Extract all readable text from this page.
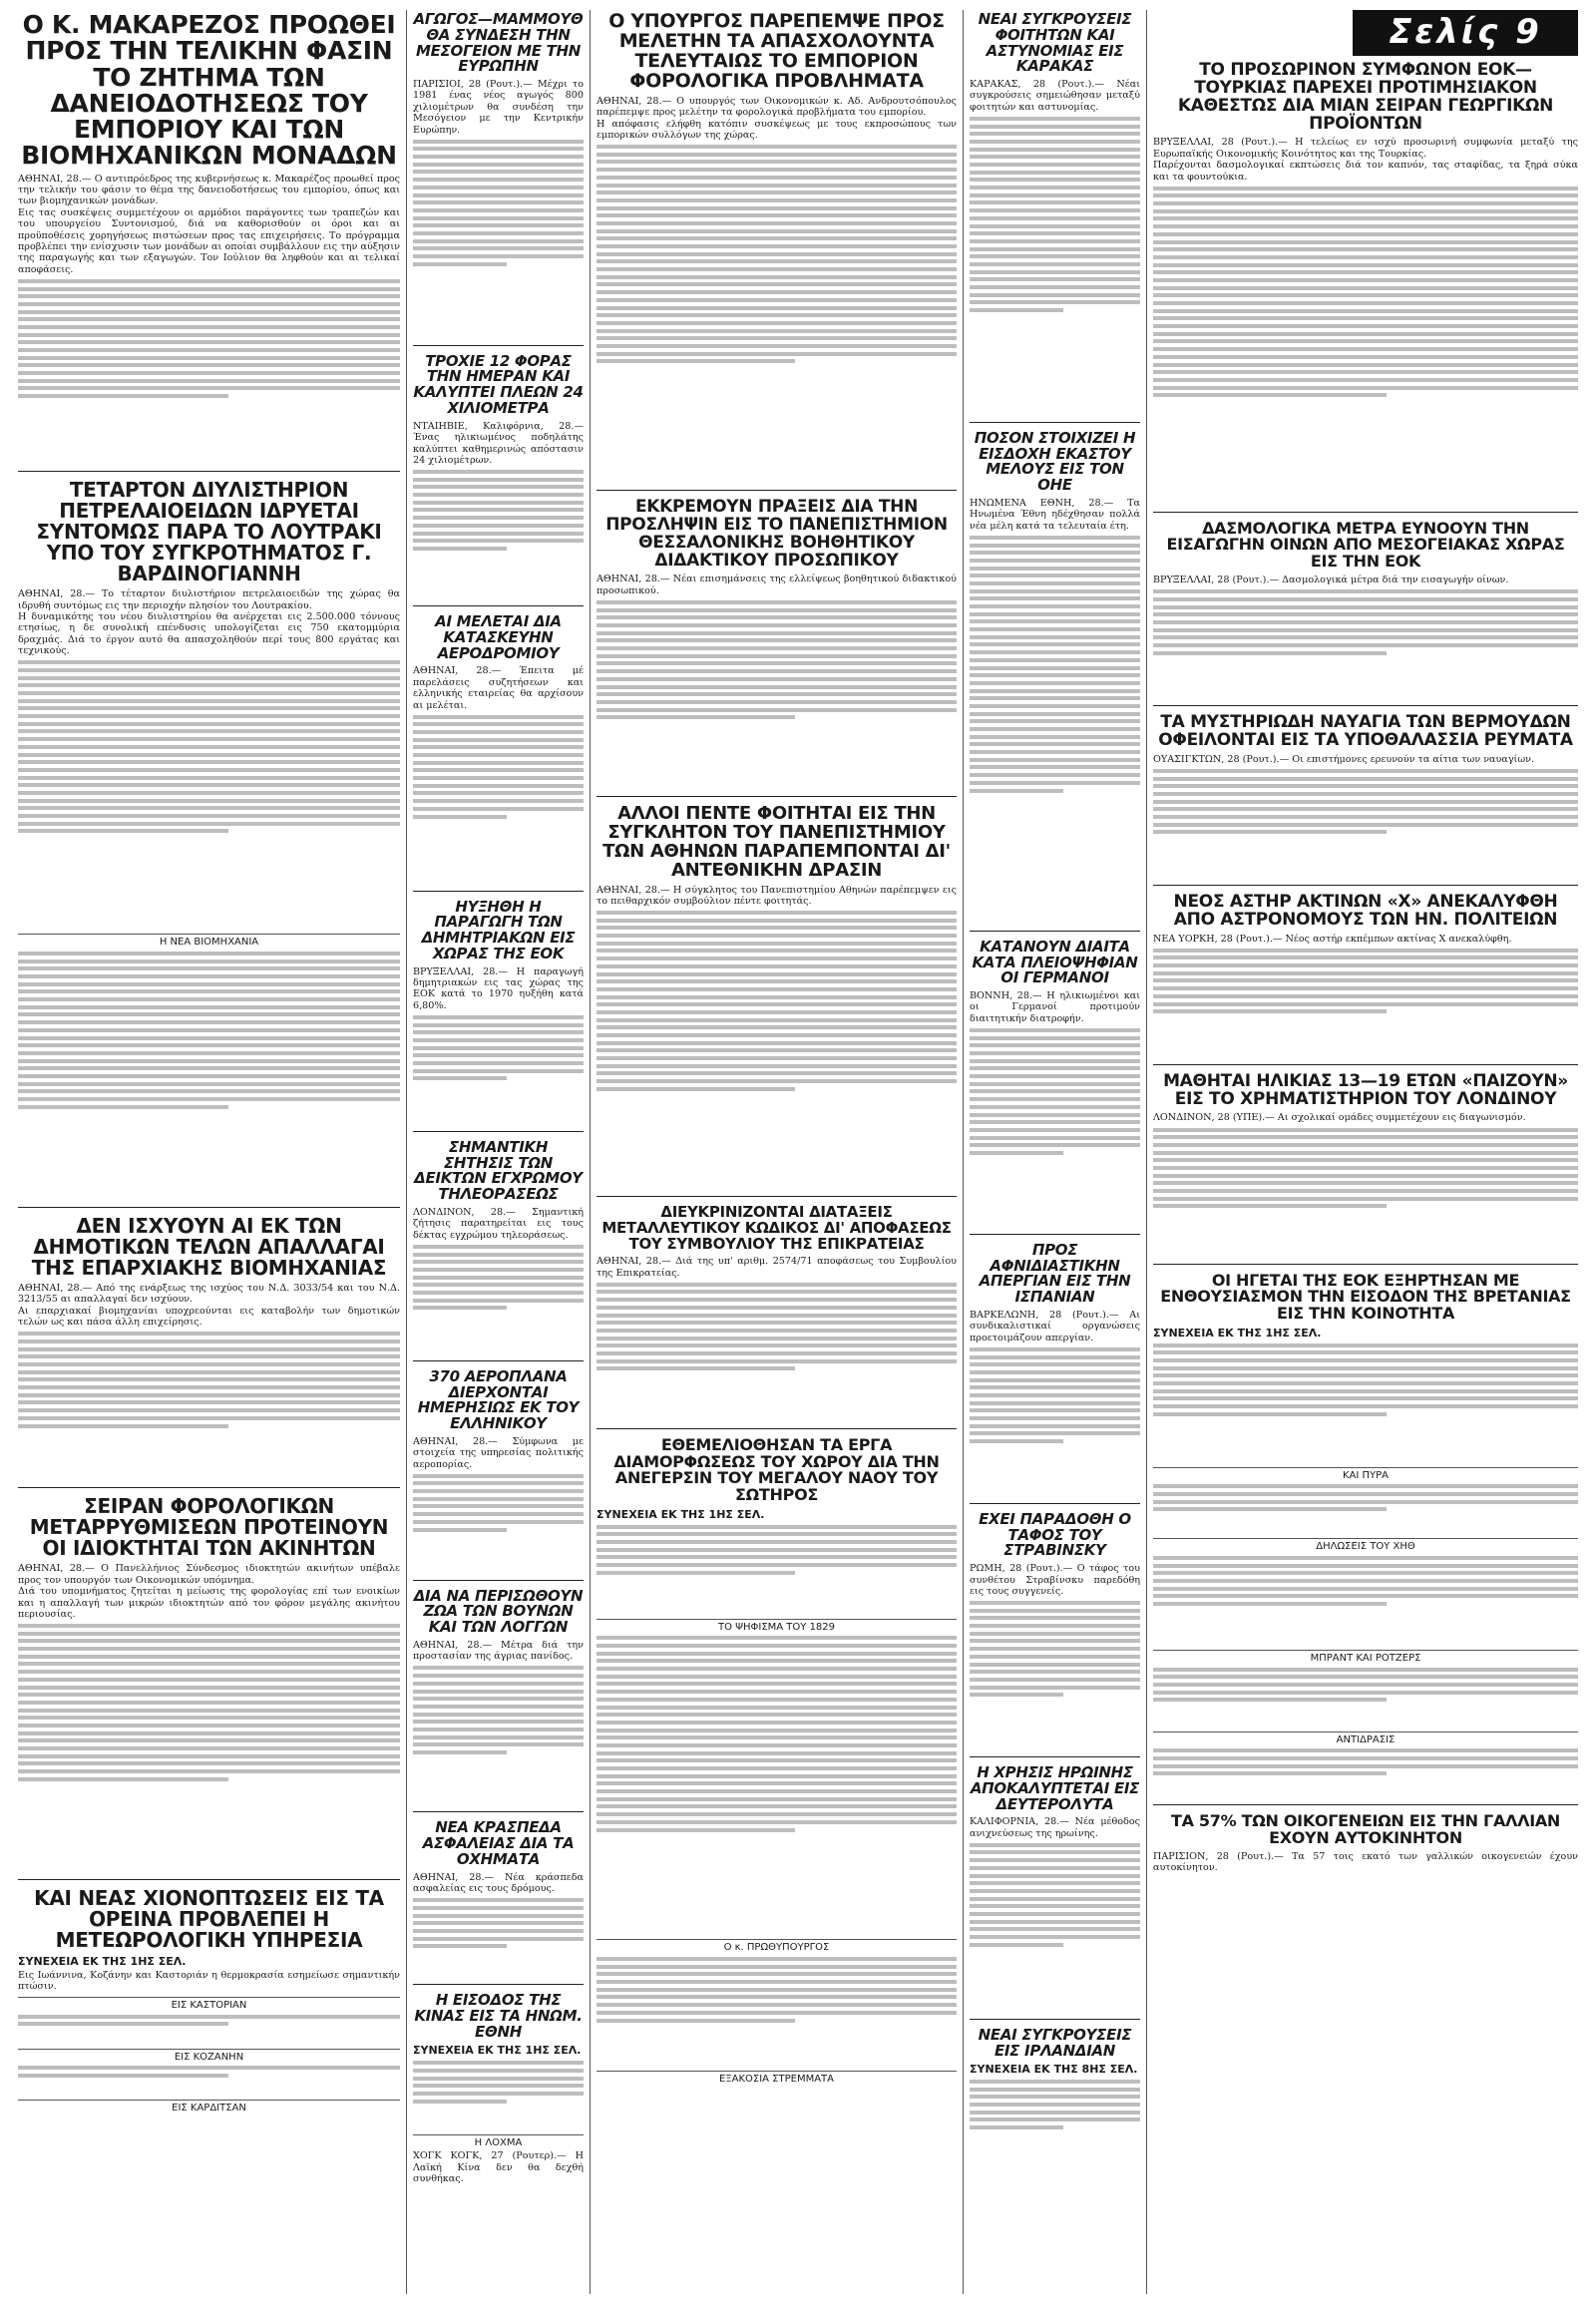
Ο Κ. ΜΑΚΑΡΕΖΟΣ ΠΡΟΩΘΕΙ ΠΡΟΣ ΤΗΝ ΤΕΛΙΚΗΝ ΦΑΣΙΝ ΤΟ ΖΗΤΗΜΑ ΤΩΝ ΔΑΝΕΙΟΔΟΤΗΣΕΩΣ ΤΟΥ ΕΜΠΟΡΙΟΥ ΚΑΙ ΤΩΝ ΒΙΟΜΗΧΑΝΙΚΩΝ ΜΟΝΑΔΩΝ

ΑΘΗΝΑΙ, 28.— Ο αντιπρόεδρος της κυβερνήσεως κ. Μακαρέζος προωθεί προς την τελικήν του φάσιν το θέμα της δανειοδοτήσεως του εμπορίου, όπως και των βιομηχανικών μονάδων.

Εις τας συσκέψεις συμμετέχουν οι αρμόδιοι παράγοντες των τραπεζών και του υπουργείου Συντονισμού, διά να καθορισθούν οι όροι και αι προϋποθέσεις χορηγήσεως πιστώσεων προς τας επιχειρήσεις. Το πρόγραμμα προβλέπει την ενίσχυσιν των μονάδων αι οποίαι συμβάλλουν εις την αύξησιν της παραγωγής και των εξαγωγών. Τον Ιούλιον θα ληφθούν και αι τελικαί αποφάσεις.

ΤΕΤΑΡΤΟΝ ΔΙΥΛΙΣΤΗΡΙΟΝ ΠΕΤΡΕΛΑΙΟΕΙΔΩΝ ΙΔΡΥΕΤΑΙ ΣΥΝΤΟΜΩΣ ΠΑΡΑ ΤΟ ΛΟΥΤΡΑΚΙ ΥΠΟ ΤΟΥ ΣΥΓΚΡΟΤΗΜΑΤΟΣ Γ. ΒΑΡΔΙΝΟΓΙΑΝΝΗ

ΑΘΗΝΑΙ, 28.— Το τέταρτον διυλιστήριον πετρελαιοειδών της χώρας θα ιδρυθή συντόμως εις την περιοχήν πλησίον του Λουτρακίου.

Η δυναμικότης του νέου διυλιστηρίου θα ανέρχεται εις 2.500.000 τόννους ετησίως, η δε συνολική επένδυσις υπολογίζεται εις 750 εκατομμύρια δραχμάς. Διά το έργον αυτό θα απασχοληθούν περί τους 800 εργάτας και τεχνικούς.

Η ΝΕΑ ΒΙΟΜΗΧΑΝΙΑ
ΔΕΝ ΙΣΧΥΟΥΝ ΑΙ ΕΚ ΤΩΝ ΔΗΜΟΤΙΚΩΝ ΤΕΛΩΝ ΑΠΑΛΛΑΓΑΙ ΤΗΣ ΕΠΑΡΧΙΑΚΗΣ ΒΙΟΜΗΧΑΝΙΑΣ

ΑΘΗΝΑΙ, 28.— Από της ενάρξεως της ισχύος του Ν.Δ. 3033/54 και του Ν.Δ. 3213/55 αι απαλλαγαί δεν ισχύουν.

Αι επαρχιακαί βιομηχανίαι υποχρεούνται εις καταβολήν των δημοτικών τελών ως και πάσα άλλη επιχείρησις.

ΣΕΙΡΑΝ ΦΟΡΟΛΟΓΙΚΩΝ ΜΕΤΑΡΡΥΘΜΙΣΕΩΝ ΠΡΟΤΕΙΝΟΥΝ ΟΙ ΙΔΙΟΚΤΗΤΑΙ ΤΩΝ ΑΚΙΝΗΤΩΝ

ΑΘΗΝΑΙ, 28.— Ο Πανελλήνιος Σύνδεσμος ιδιοκτητών ακινήτων υπέβαλε προς τον υπουργόν των Οικονομικών υπόμνημα.

Διά του υπομνήματος ζητείται η μείωσις της φορολογίας επί των ενοικίων και η απαλλαγή των μικρών ιδιοκτητών από τον φόρον μεγάλης ακινήτου περιουσίας.

ΚΑΙ ΝΕΑΣ ΧΙΟΝΟΠΤΩΣΕΙΣ ΕΙΣ ΤΑ ΟΡΕΙΝΑ ΠΡΟΒΛΕΠΕΙ Η ΜΕΤΕΩΡΟΛΟΓΙΚΗ ΥΠΗΡΕΣΙΑ
ΣΥΝΕΧΕΙΑ ΕΚ ΤΗΣ 1ΗΣ ΣΕΛ.

Εις Ιωάννινα, Κοζάνην και Καστοριάν η θερμοκρασία εσημείωσε σημαντικήν πτώσιν.

ΕΙΣ ΚΑΣΤΟΡΙΑΝ
ΕΙΣ ΚΟΖΑΝΗΝ
ΕΙΣ ΚΑΡΔΙΤΣΑΝ
ΑΓΩΓΟΣ—ΜΑΜΜΟΥΘ ΘΑ ΣΥΝΔΕΣΗ ΤΗΝ ΜΕΣΟΓΕΙΟΝ ΜΕ ΤΗΝ ΕΥΡΩΠΗΝ

ΠΑΡΙΣΙΟΙ, 28 (Ρουτ.).— Μέχρι το 1981 ένας νέος αγωγός 800 χιλιομέτρων θα συνδέση την Μεσόγειον με την Κεντρικήν Ευρώπην.

ΤΡΟΧΙΕ 12 ΦΟΡΑΣ ΤΗΝ ΗΜΕΡΑΝ ΚΑΙ ΚΑΛΥΠΤΕΙ ΠΛΕΩΝ 24 ΧΙΛΙΟΜΕΤΡΑ

ΝΤΑΙΗΒΙΕ, Καλιφόρνια, 28.— Ένας ηλικιωμένος ποδηλάτης καλύπτει καθημερινώς απόστασιν 24 χιλιομέτρων.

ΑΙ ΜΕΛΕΤΑΙ ΔΙΑ ΚΑΤΑΣΚΕΥΗΝ ΑΕΡΟΔΡΟΜΙΟΥ

ΑΘΗΝΑΙ, 28.— Έπειτα μέ παρελάσεις συζητήσεων και ελληνικής εταιρείας θα αρχίσουν αι μελέται.

ΗΥΞΗΘΗ Η ΠΑΡΑΓΩΓΗ ΤΩΝ ΔΗΜΗΤΡΙΑΚΩΝ ΕΙΣ ΧΩΡΑΣ ΤΗΣ ΕΟΚ

ΒΡΥΞΕΛΛΑΙ, 28.— Η παραγωγή δημητριακών εις τας χώρας της ΕΟΚ κατά το 1970 ηυξήθη κατά 6,80%.

ΣΗΜΑΝΤΙΚΗ ΣΗΤΗΣΙΣ ΤΩΝ ΔΕΙΚΤΩΝ ΕΓΧΡΩΜΟΥ ΤΗΛΕΟΡΑΣΕΩΣ

ΛΟΝΔΙΝΟΝ, 28.— Σημαντική ζήτησις παρατηρείται εις τους δέκτας εγχρώμου τηλεοράσεως.

370 ΑΕΡΟΠΛΑΝΑ ΔΙΕΡΧΟΝΤΑΙ ΗΜΕΡΗΣΙΩΣ ΕΚ ΤΟΥ ΕΛΛΗΝΙΚΟΥ

ΑΘΗΝΑΙ, 28.— Σύμφωνα με στοιχεία της υπηρεσίας πολιτικής αεροπορίας.

ΔΙΑ ΝΑ ΠΕΡΙΣΩΘΟΥΝ ΖΩΑ ΤΩΝ ΒΟΥΝΩΝ ΚΑΙ ΤΩΝ ΛΟΓΓΩΝ

ΑΘΗΝΑΙ, 28.— Μέτρα διά την προστασίαν της άγριας πανίδος.

ΝΕΑ ΚΡΑΣΠΕΔΑ ΑΣΦΑΛΕΙΑΣ ΔΙΑ ΤΑ ΟΧΗΜΑΤΑ

ΑΘΗΝΑΙ, 28.— Νέα κράσπεδα ασφαλείας εις τους δρόμους.

Η ΕΙΣΟΔΟΣ ΤΗΣ ΚΙΝΑΣ ΕΙΣ ΤΑ ΗΝΩΜ. ΕΘΝΗ
ΣΥΝΕΧΕΙΑ ΕΚ ΤΗΣ 1ΗΣ ΣΕΛ.
Η ΛΟΧΜΑ

ΧΟΓΚ ΚΟΓΚ, 27 (Ρουτερ).— Η Λαϊκή Κίνα δεν θα δεχθή συνθήκας.

Ο ΥΠΟΥΡΓΟΣ ΠΑΡΕΠΕΜΨΕ ΠΡΟΣ ΜΕΛΕΤΗΝ ΤΑ ΑΠΑΣΧΟΛΟΥΝΤΑ ΤΕΛΕΥΤΑΙΩΣ ΤΟ ΕΜΠΟΡΙΟΝ ΦΟΡΟΛΟΓΙΚΑ ΠΡΟΒΛΗΜΑΤΑ

ΑΘΗΝΑΙ, 28.— Ο υπουργός των Οικονομικών κ. Αδ. Ανδρουτσόπουλος παρέπεμψε προς μελέτην τα φορολογικά προβλήματα του εμπορίου.

Η απόφασις ελήφθη κατόπιν συσκέψεως με τους εκπροσώπους των εμπορικών συλλόγων της χώρας.

ΕΚΚΡΕΜΟΥΝ ΠΡΑΞΕΙΣ ΔΙΑ ΤΗΝ ΠΡΟΣΛΗΨΙΝ ΕΙΣ ΤΟ ΠΑΝΕΠΙΣΤΗΜΙΟΝ ΘΕΣΣΑΛΟΝΙΚΗΣ ΒΟΗΘΗΤΙΚΟΥ ΔΙΔΑΚΤΙΚΟΥ ΠΡΟΣΩΠΙΚΟΥ

ΑΘΗΝΑΙ, 28.— Νέαι επισημάνσεις της ελλείψεως βοηθητικού διδακτικού προσωπικού.

ΑΛΛΟΙ ΠΕΝΤΕ ΦΟΙΤΗΤΑΙ ΕΙΣ ΤΗΝ ΣΥΓΚΛΗΤΟΝ ΤΟΥ ΠΑΝΕΠΙΣΤΗΜΙΟΥ ΤΩΝ ΑΘΗΝΩΝ ΠΑΡΑΠΕΜΠΟΝΤΑΙ ΔΙ' ΑΝΤΕΘΝΙΚΗΝ ΔΡΑΣΙΝ

ΑΘΗΝΑΙ, 28.— Η σύγκλητος του Πανεπιστημίου Αθηνών παρέπεμψεν εις το πειθαρχικόν συμβούλιον πέντε φοιτητάς.

ΔΙΕΥΚΡΙΝΙΖΟΝΤΑΙ ΔΙΑΤΑΞΕΙΣ ΜΕΤΑΛΛΕΥΤΙΚΟΥ ΚΩΔΙΚΟΣ ΔΙ' ΑΠΟΦΑΣΕΩΣ ΤΟΥ ΣΥΜΒΟΥΛΙΟΥ ΤΗΣ ΕΠΙΚΡΑΤΕΙΑΣ

ΑΘΗΝΑΙ, 28.— Διά της υπ' αριθμ. 2574/71 αποφάσεως του Συμβουλίου της Επικρατείας.

ΕΘΕΜΕΛΙΟΘΗΣΑΝ ΤΑ ΕΡΓΑ ΔΙΑΜΟΡΦΩΣΕΩΣ ΤΟΥ ΧΩΡΟΥ ΔΙΑ ΤΗΝ ΑΝΕΓΕΡΣΙΝ ΤΟΥ ΜΕΓΑΛΟΥ ΝΑΟΥ ΤΟΥ ΣΩΤΗΡΟΣ
ΣΥΝΕΧΕΙΑ ΕΚ ΤΗΣ 1ΗΣ ΣΕΛ.
ΤΟ ΨΗΦΙΣΜΑ ΤΟΥ 1829
Ο κ. ΠΡΩΘΥΠΟΥΡΓΟΣ
ΕΞΑΚΟΣΙΑ ΣΤΡΕΜΜΑΤΑ
ΝΕΑΙ ΣΥΓΚΡΟΥΣΕΙΣ ΦΟΙΤΗΤΩΝ ΚΑΙ ΑΣΤΥΝΟΜΙΑΣ ΕΙΣ ΚΑΡΑΚΑΣ

ΚΑΡΑΚΑΣ, 28 (Ρουτ.).— Νέαι συγκρούσεις σημειώθησαν μεταξύ φοιτητών και αστυνομίας.

ΠΟΣΟΝ ΣΤΟΙΧΙΖΕΙ Η ΕΙΣΔΟΧΗ ΕΚΑΣΤΟΥ ΜΕΛΟΥΣ ΕΙΣ ΤΟΝ ΟΗΕ

ΗΝΩΜΕΝΑ ΕΘΝΗ, 28.— Τα Ηνωμένα Έθνη ηδέχθησαν πολλά νέα μέλη κατά τα τελευταία έτη.

ΚΑΤΑΝΟΥΝ ΔΙΑΙΤΑ ΚΑΤΑ ΠΛΕΙΟΨΗΦΙΑΝ ΟΙ ΓΕΡΜΑΝΟΙ

ΒΟΝΝΗ, 28.— Η ηλικιωμένοι και οι Γερμανοί προτιμούν διαιτητικήν διατροφήν.

ΠΡΟΣ ΑΦΝΙΔΙΑΣΤΙΚΗΝ ΑΠΕΡΓΙΑΝ ΕΙΣ ΤΗΝ ΙΣΠΑΝΙΑΝ

ΒΑΡΚΕΛΩΝΗ, 28 (Ρουτ.).— Αι συνδικαλιστικαί οργανώσεις προετοιμάζουν απεργίαν.

ΕΧΕΙ ΠΑΡΑΔΟΘΗ Ο ΤΑΦΟΣ ΤΟΥ ΣΤΡΑΒΙΝΣΚΥ

ΡΩΜΗ, 28 (Ρουτ.).— Ο τάφος του συνθέτου Στραβίνσκυ παρεδόθη εις τους συγγενείς.

Η ΧΡΗΣΙΣ ΗΡΩΙΝΗΣ ΑΠΟΚΑΛΥΠΤΕΤΑΙ ΕΙΣ ΔΕΥΤΕΡΟΛΥΤΑ

ΚΑΛΙΦΟΡΝΙΑ, 28.— Νέα μέθοδος ανιχνεύσεως της ηρωίνης.

ΝΕΑΙ ΣΥΓΚΡΟΥΣΕΙΣ ΕΙΣ ΙΡΛΑΝΔΙΑΝ
ΣΥΝΕΧΕΙΑ ΕΚ ΤΗΣ 8ΗΣ ΣΕΛ.
Σελίς 9
ΤΟ ΠΡΟΣΩΡΙΝΟΝ ΣΥΜΦΩΝΟΝ ΕΟΚ—ΤΟΥΡΚΙΑΣ ΠΑΡΕΧΕΙ ΠΡΟΤΙΜΗΣΙΑΚΟΝ ΚΑΘΕΣΤΩΣ ΔΙΑ ΜΙΑΝ ΣΕΙΡΑΝ ΓΕΩΡΓΙΚΩΝ ΠΡΟΪΟΝΤΩΝ

ΒΡΥΞΕΛΛΑΙ, 28 (Ρουτ.).— Η τελείως εν ισχύ προσωρινή συμφωνία μεταξύ της Ευρωπαϊκής Οικονομικής Κοινότητος και της Τουρκίας.

Παρέχονται δασμολογικαί εκπτώσεις διά τον καπνόν, τας σταφίδας, τα ξηρά σύκα και τα φουντούκια.

ΔΑΣΜΟΛΟΓΙΚΑ ΜΕΤΡΑ ΕΥΝΟΟΥΝ ΤΗΝ ΕΙΣΑΓΩΓΗΝ ΟΙΝΩΝ ΑΠΟ ΜΕΣΟΓΕΙΑΚΑΣ ΧΩΡΑΣ ΕΙΣ ΤΗΝ ΕΟΚ

ΒΡΥΞΕΛΛΑΙ, 28 (Ρουτ.).— Δασμολογικά μέτρα διά την εισαγωγήν οίνων.

ΤΑ ΜΥΣΤΗΡΙΩΔΗ ΝΑΥΑΓΙΑ ΤΩΝ ΒΕΡΜΟΥΔΩΝ ΟΦΕΙΛΟΝΤΑΙ ΕΙΣ ΤΑ ΥΠΟΘΑΛΑΣΣΙΑ ΡΕΥΜΑΤΑ

ΟΥΑΣΙΓΚΤΩΝ, 28 (Ρουτ.).— Οι επιστήμονες ερευνούν τα αίτια των ναυαγίων.

ΝΕΟΣ ΑΣΤΗΡ ΑΚΤΙΝΩΝ «Χ» ΑΝΕΚΑΛΥΦΘΗ ΑΠΟ ΑΣΤΡΟΝΟΜΟΥΣ ΤΩΝ ΗΝ. ΠΟΛΙΤΕΙΩΝ

ΝΕΑ ΥΟΡΚΗ, 28 (Ρουτ.).— Νέος αστήρ εκπέμπων ακτίνας Χ ανεκαλύφθη.

ΜΑΘΗΤΑΙ ΗΛΙΚΙΑΣ 13—19 ΕΤΩΝ «ΠΑΙΖΟΥΝ» ΕΙΣ ΤΟ ΧΡΗΜΑΤΙΣΤΗΡΙΟΝ ΤΟΥ ΛΟΝΔΙΝΟΥ

ΛΟΝΔΙΝΟΝ, 28 (ΥΠΕ).— Αι σχολικαί ομάδες συμμετέχουν εις διαγωνισμόν.

ΟΙ ΗΓΕΤΑΙ ΤΗΣ ΕΟΚ ΕΞΗΡΤΗΣΑΝ ΜΕ ΕΝΘΟΥΣΙΑΣΜΟΝ ΤΗΝ ΕΙΣΟΔΟΝ ΤΗΣ ΒΡΕΤΑΝΙΑΣ ΕΙΣ ΤΗΝ ΚΟΙΝΟΤΗΤΑ
ΣΥΝΕΧΕΙΑ ΕΚ ΤΗΣ 1ΗΣ ΣΕΛ.
ΚΑΙ ΠΥΡΑ
ΔΗΛΩΣΕΙΣ ΤΟΥ ΧΗΘ
ΜΠΡΑΝΤ ΚΑΙ ΡΟΤΖΕΡΣ
ΑΝΤΙΔΡΑΣΙΣ
ΤΑ 57% ΤΩΝ ΟΙΚΟΓΕΝΕΙΩΝ ΕΙΣ ΤΗΝ ΓΑΛΛΙΑΝ ΕΧΟΥΝ ΑΥΤΟΚΙΝΗΤΟΝ

ΠΑΡΙΣΙΟΝ, 28 (Ρουτ.).— Τα 57 τοις εκατό των γαλλικών οικογενειών έχουν αυτοκίνητον.
